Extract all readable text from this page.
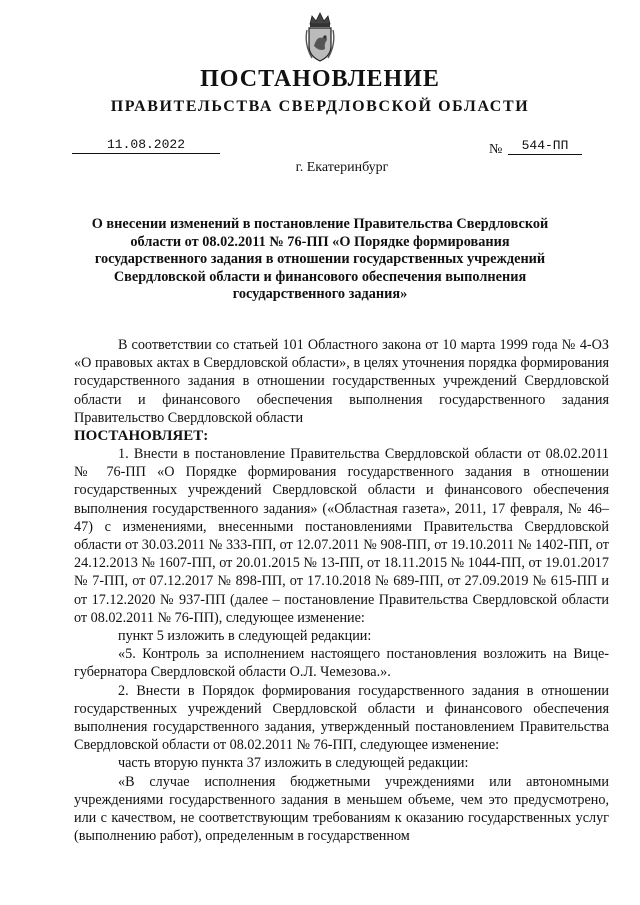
ПОСТАНОВЛЕНИЕ
ПРАВИТЕЛЬСТВА СВЕРДЛОВСКОЙ ОБЛАСТИ
11.08.2022	№	544-ПП
г. Екатеринбург
О внесении изменений в постановление Правительства Свердловской области от 08.02.2011 № 76-ПП «О Порядке формирования государственного задания в отношении государственных учреждений Свердловской области и финансового обеспечения выполнения государственного задания»

В соответствии со статьей 101 Областного закона от 10 марта 1999 года № 4-ОЗ «О правовых актах в Свердловской области», в целях уточнения порядка формирования государственного задания в отношении государственных учреждений Свердловской области и финансового обеспечения выполнения государственного задания Правительство Свердловской области

ПОСТАНОВЛЯЕТ:

1. Внести в постановление Правительства Свердловской области от 08.02.2011 № 76-ПП «О Порядке формирования государственного задания в отношении государственных учреждений Свердловской области и финансового обеспечения выполнения государственного задания» («Областная газета», 2011, 17 февраля, № 46–47) с изменениями, внесенными постановлениями Правительства Свердловской области от 30.03.2011 № 333-ПП, от 12.07.2011 № 908-ПП, от 19.10.2011 № 1402-ПП, от 24.12.2013 № 1607-ПП, от 20.01.2015 № 13-ПП, от 18.11.2015 № 1044-ПП, от 19.01.2017 № 7-ПП, от 07.12.2017 № 898-ПП, от 17.10.2018 № 689-ПП, от 27.09.2019 № 615-ПП и от 17.12.2020 № 937-ПП (далее – постановление Правительства Свердловской области от 08.02.2011 № 76-ПП), следующее изменение:

пункт 5 изложить в следующей редакции:

«5. Контроль за исполнением настоящего постановления возложить на Вице-губернатора Свердловской области О.Л. Чемезова.».

2. Внести в Порядок формирования государственного задания в отношении государственных учреждений Свердловской области и финансового обеспечения выполнения государственного задания, утвержденный постановлением Правительства Свердловской области от 08.02.2011 № 76-ПП, следующее изменение:

часть вторую пункта 37 изложить в следующей редакции:

«В случае исполнения бюджетными учреждениями или автономными учреждениями государственного задания в меньшем объеме, чем это предусмотрено, или с качеством, не соответствующим требованиям к оказанию государственных услуг (выполнению работ), определенным в государственном
